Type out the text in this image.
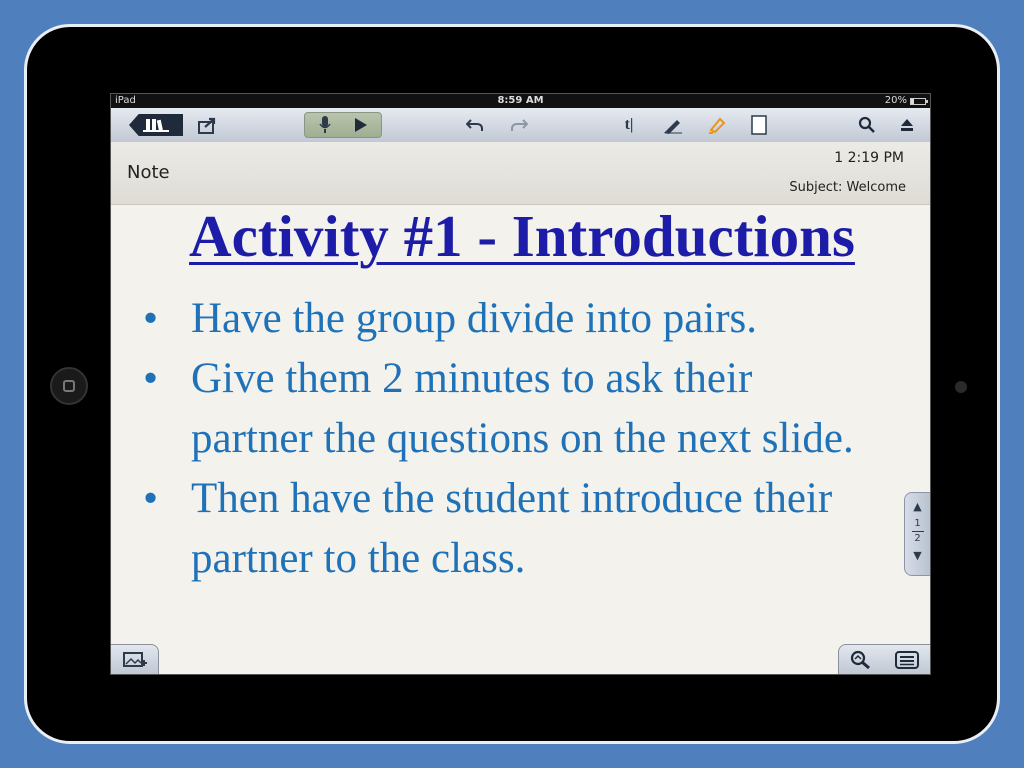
iPad	8:59 AM	20%
t|
Note
1 2:19 PM
Subject: Welcome
Activity #1 - Introductions
• Have the group divide into pairs.
• Give them 2 minutes to ask their partner the questions on the next slide.
• Then have the student introduce their partner to the class.
▲
1
2
▼
